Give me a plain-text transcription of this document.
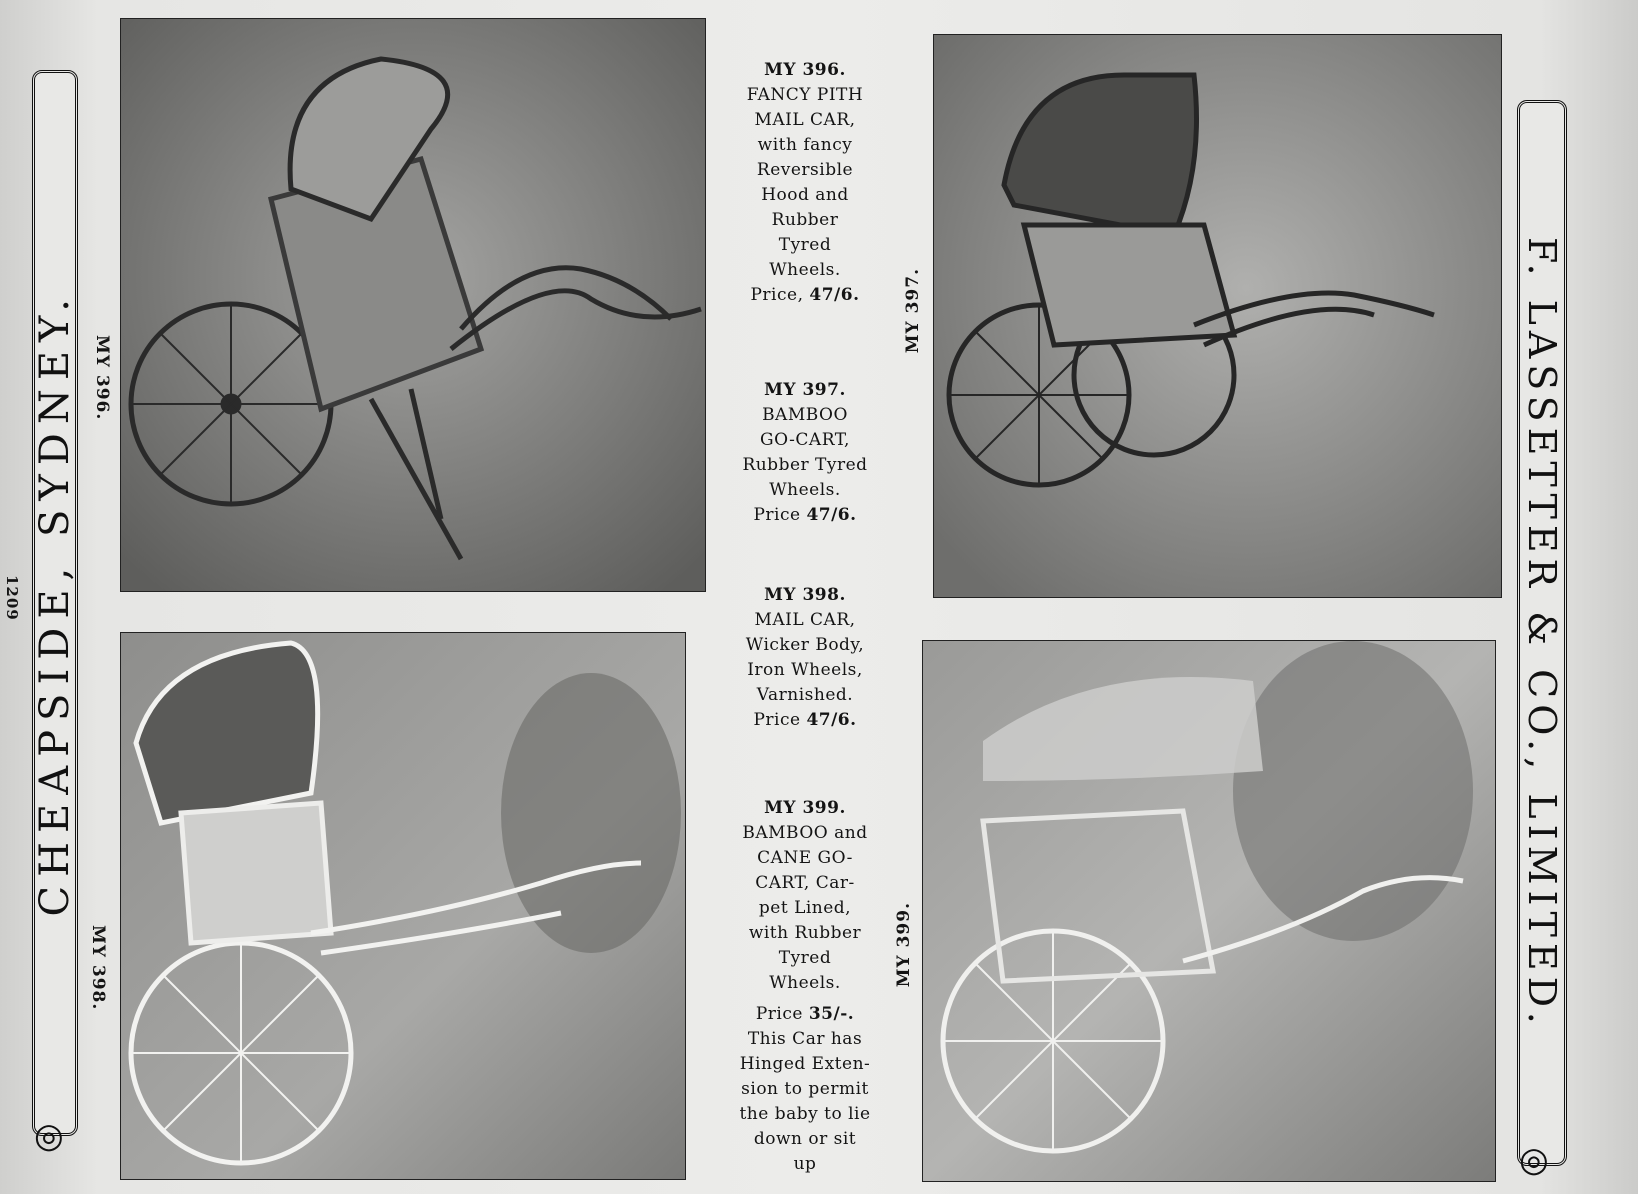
CHEAPSIDE, SYDNEY.
◎
1209	F. LASSETTER & CO., LIMITED.
◎
MY 396.
MY 397.
MY 398.	MY 399.

MY 396.

FANCY PITH

MAIL CAR,

with fancy

Reversible

Hood and

Rubber

Tyred

Wheels.

Price, 47/6.

MY 397.

BAMBOO

GO-CART,

Rubber Tyred

Wheels.

Price 47/6.

MY 398.

MAIL CAR,

Wicker Body,

Iron Wheels,

Varnished.

Price 47/6.

MY 399.

BAMBOO and

CANE GO-

CART, Car-

pet Lined,

with Rubber

Tyred

Wheels.

Price 35/-.

This Car has

Hinged Exten-

sion to permit

the baby to lie

down or sit

up
